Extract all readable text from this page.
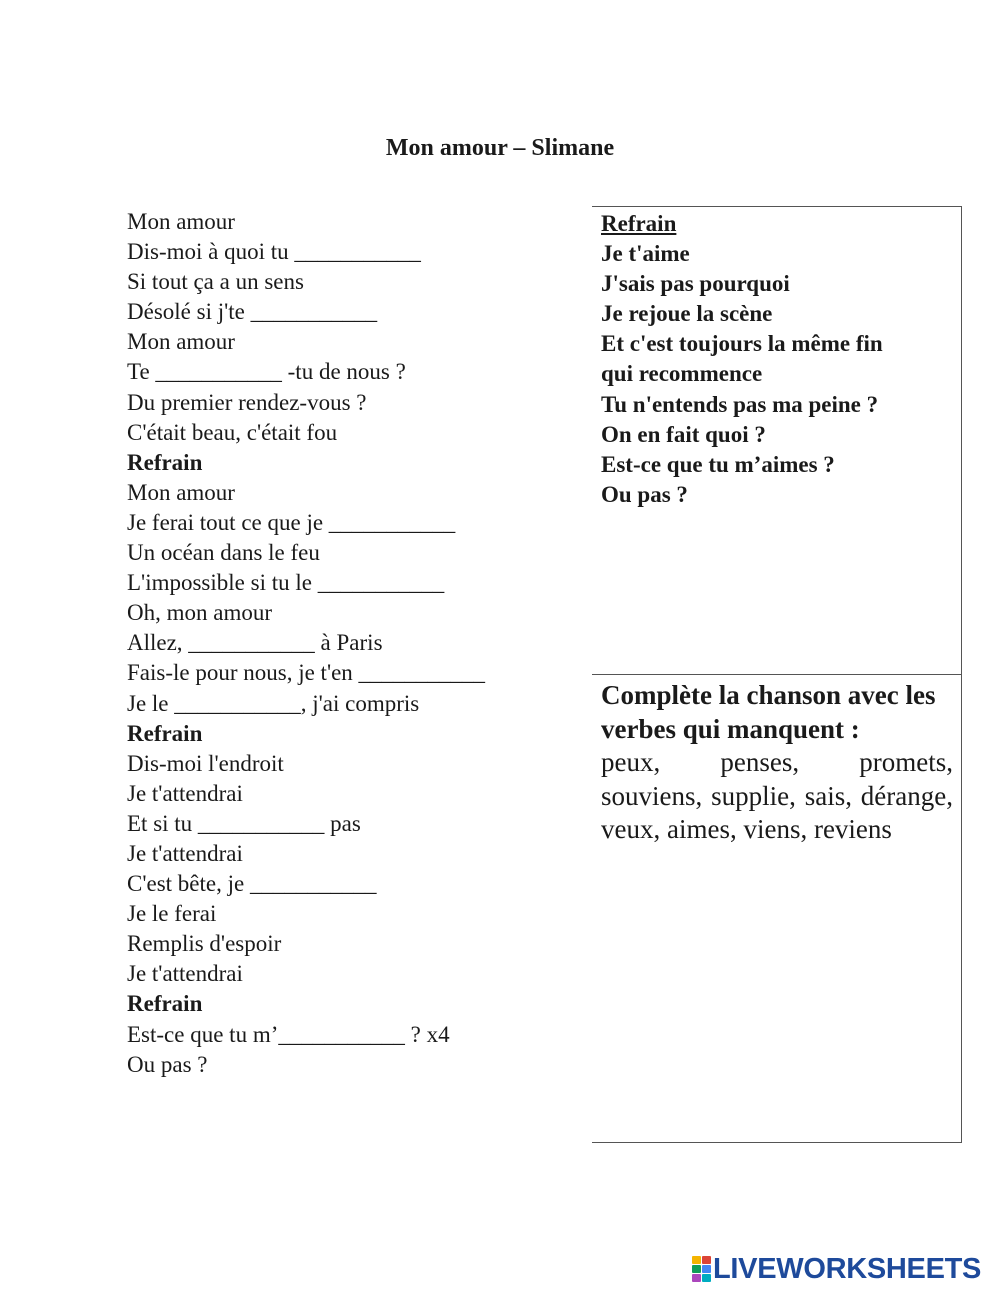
Mon amour – Slimane
Mon amour
Dis-moi à quoi tu ___________
Si tout ça a un sens
Désolé si j'te ___________
Mon amour
Te ___________ -tu de nous ?
Du premier rendez-vous ?
C'était beau, c'était fou
Refrain
Mon amour
Je ferai tout ce que je ___________
Un océan dans le feu
L'impossible si tu le ___________
Oh, mon amour
Allez, ___________ à Paris
Fais-le pour nous, je t'en ___________
Je le ___________, j'ai compris
Refrain
Dis-moi l'endroit
Je t'attendrai
Et si tu ___________ pas
Je t'attendrai
C'est bête, je ___________
Je le ferai
Remplis d'espoir
Je t'attendrai
Refrain
Est-ce que tu m’___________ ? x4
Ou pas ?
Refrain
Je t'aime
J'sais pas pourquoi
Je rejoue la scène
Et c'est toujours la même fin
qui recommence
Tu n'entends pas ma peine ?
On en fait quoi ?
Est-ce que tu m’aimes ?
Ou pas ?
Complète la chanson avec les verbes qui manquent :
peux, penses, promets, souviens, supplie, sais, dérange, veux, aimes, viens, reviens
LIVEWORKSHEETS
